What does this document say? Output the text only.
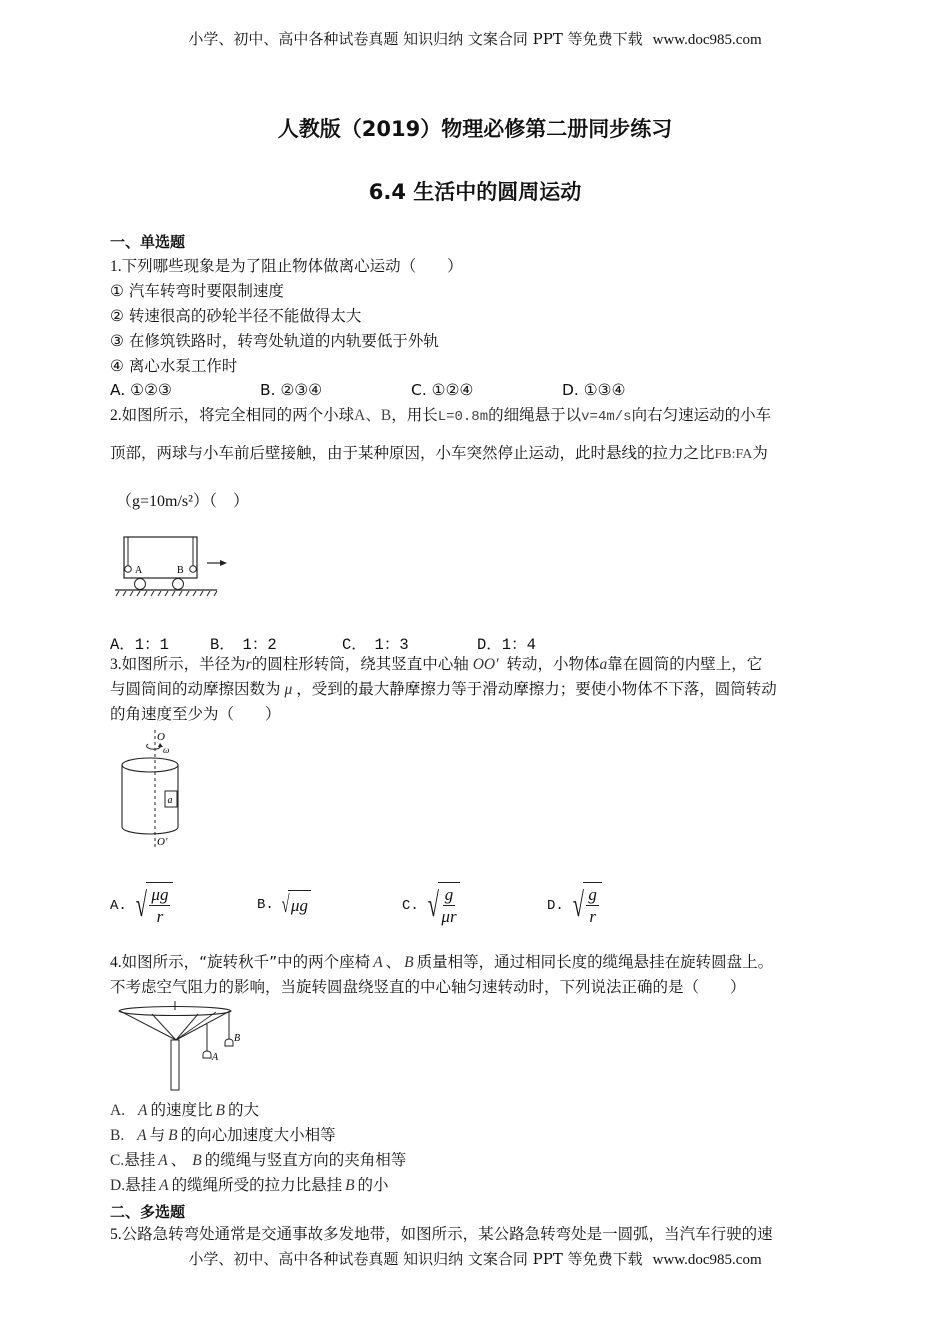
小学、初中、高中各种试卷真题 知识归纳 文案合同 PPT 等免费下载 www.doc985.com
人教版（2019）物理必修第二册同步练习
6.4 生活中的圆周运动
一、单选题
1.下列哪些现象是为了阻止物体做离心运动（　　）
① 汽车转弯时要限制速度
② 转速很高的砂轮半径不能做得太大
③ 在修筑铁路时，转弯处轨道的内轨要低于外轨
④ 离心水泵工作时
A. ①②③	B. ②③④	C. ①②④	D. ①③④
2.如图所示，将完全相同的两个小球A、B，用长L=0.8m的细绳悬于以v=4m/s向右匀速运动的小车
顶部，两球与小车前后壁接触，由于某种原因，小车突然停止运动，此时悬线的拉力之比FB:FA为
（g=10m/s²）（　）
A	B
A．1：1	B．　1：2	C．　1：3	D．1：4
3.如图所示，半径为r的圆柱形转筒，绕其竖直中心轴 OO′ 转动，小物体a靠在圆筒的内壁上，它
与圆筒间的动摩擦因数为 μ ，受到的最大静摩擦力等于滑动摩擦力；要使小物体不下落，圆筒转动
的角速度至少为（　　）
O
ω
a
O′
A. √ $\frac{\mu g}{r}$	B. √ μg	C. √ $\frac{g}{\mu r}$	D. √ $\frac{g}{r}$
4.如图所示，“旋转秋千”中的两个座椅 A 、 B 质量相等，通过相同长度的缆绳悬挂在旋转圆盘上。
不考虑空气阻力的影响，当旋转圆盘绕竖直的中心轴匀速转动时，下列说法正确的是（　　）
A
B
A. A 的速度比 B 的大
B. A 与 B 的向心加速度大小相等
C.悬挂 A 、 B 的缆绳与竖直方向的夹角相等
D.悬挂 A 的缆绳所受的拉力比悬挂 B 的小
二、多选题
5.公路急转弯处通常是交通事故多发地带，如图所示，某公路急转弯处是一圆弧，当汽车行驶的速
小学、初中、高中各种试卷真题 知识归纳 文案合同 PPT 等免费下载 www.doc985.com
